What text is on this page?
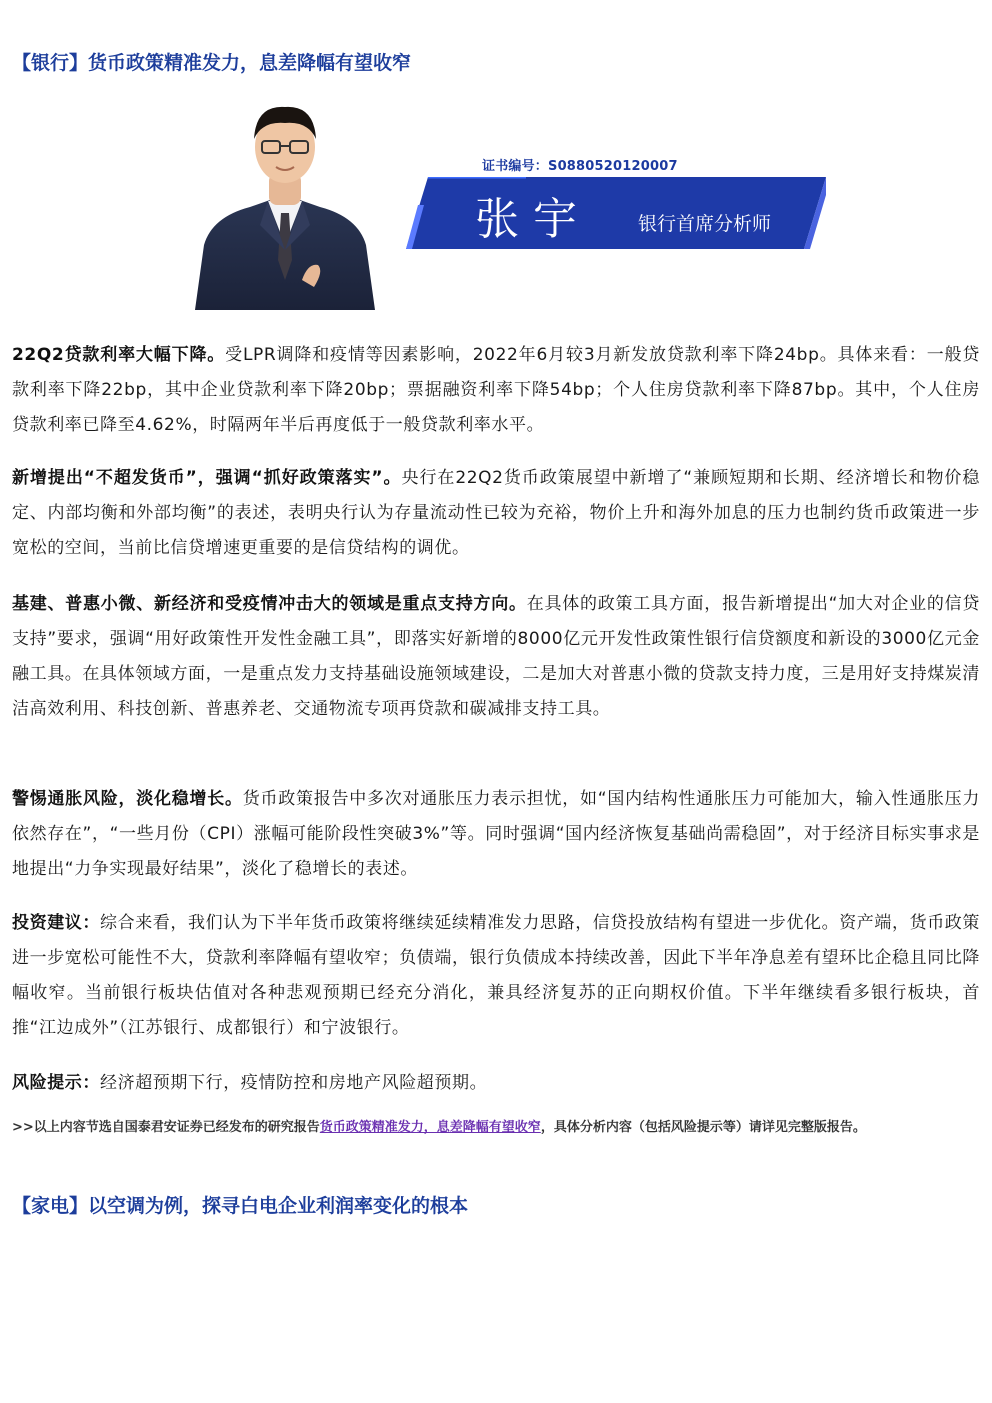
【银行】货币政策精准发力，息差降幅有望收窄
证书编号：S0880520120007
张宇 银行首席分析师

22Q2贷款利率大幅下降。受LPR调降和疫情等因素影响，2022年6月较3月新发放贷款利率下降24bp。具体来看：一般贷款利率下降22bp，其中企业贷款利率下降20bp；票据融资利率下降54bp；个人住房贷款利率下降87bp。其中，个人住房贷款利率已降至4.62%，时隔两年半后再度低于一般贷款利率水平。

新增提出“不超发货币”，强调“抓好政策落实”。央行在22Q2货币政策展望中新增了“兼顾短期和长期、经济增长和物价稳定、内部均衡和外部均衡”的表述，表明央行认为存量流动性已较为充裕，物价上升和海外加息的压力也制约货币政策进一步宽松的空间，当前比信贷增速更重要的是信贷结构的调优。

基建、普惠小微、新经济和受疫情冲击大的领域是重点支持方向。在具体的政策工具方面，报告新增提出“加大对企业的信贷支持”要求，强调“用好政策性开发性金融工具”，即落实好新增的8000亿元开发性政策性银行信贷额度和新设的3000亿元金融工具。在具体领域方面，一是重点发力支持基础设施领域建设，二是加大对普惠小微的贷款支持力度，三是用好支持煤炭清洁高效利用、科技创新、普惠养老、交通物流专项再贷款和碳减排支持工具。

警惕通胀风险，淡化稳增长。货币政策报告中多次对通胀压力表示担忧，如“国内结构性通胀压力可能加大，输入性通胀压力依然存在”，“一些月份（CPI）涨幅可能阶段性突破3%”等。同时强调“国内经济恢复基础尚需稳固”，对于经济目标实事求是地提出“力争实现最好结果”，淡化了稳增长的表述。

投资建议：综合来看，我们认为下半年货币政策将继续延续精准发力思路，信贷投放结构有望进一步优化。资产端，货币政策进一步宽松可能性不大，贷款利率降幅有望收窄；负债端，银行负债成本持续改善，因此下半年净息差有望环比企稳且同比降幅收窄。当前银行板块估值对各种悲观预期已经充分消化，兼具经济复苏的正向期权价值。下半年继续看多银行板块，首推“江边成外”（江苏银行、成都银行）和宁波银行。

风险提示：经济超预期下行，疫情防控和房地产风险超预期。

>>以上内容节选自国泰君安证券已经发布的研究报告货币政策精准发力，息差降幅有望收窄，具体分析内容（包括风险提示等）请详见完整版报告。

【家电】以空调为例，探寻白电企业利润率变化的根本
